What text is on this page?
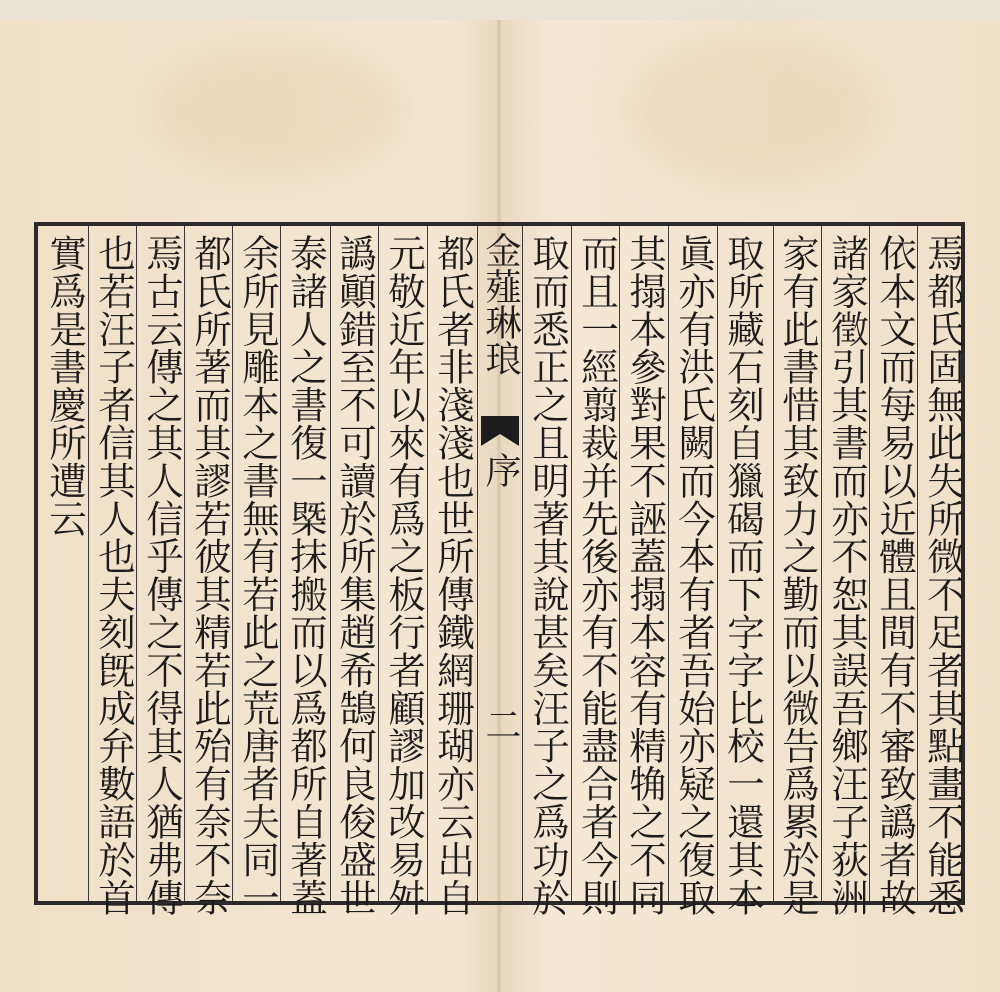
焉都氏固無此失所微不足者其點畫不能悉
依本文而每易以近體且間有不審致譌者故
諸家徵引其書而亦不恕其誤吾鄉汪子荻洲
家有此書惜其致力之勤而以微告爲累於是
取所藏石刻自獵碣而下字字比校一還其本
眞亦有洪氏闕而今本有者吾始亦疑之復取
其搨本參對果不誣蓋搨本容有精觕之不同
而且一經翦裁并先後亦有不能盡合者今則
取而悉正之且明著其說甚矣汪子之爲功於
金薤琳琅
序
二
都氏者非淺淺也世所傳鐵網珊瑚亦云出自
元敬近年以來有爲之板行者顧謬加改易舛
譌顚錯至不可讀於所集趙希鵠何良俊盛世
泰諸人之書復一槩抹搬而以爲都所自著蓋
余所見雕本之書無有若此之荒唐者夫同一
都氏所著而其謬若彼其精若此殆有奈不奈
焉古云傳之其人信乎傳之不得其人猶弗傳
也若汪子者信其人也夫刻旣成弁數語於首
實爲是書慶所遭云
